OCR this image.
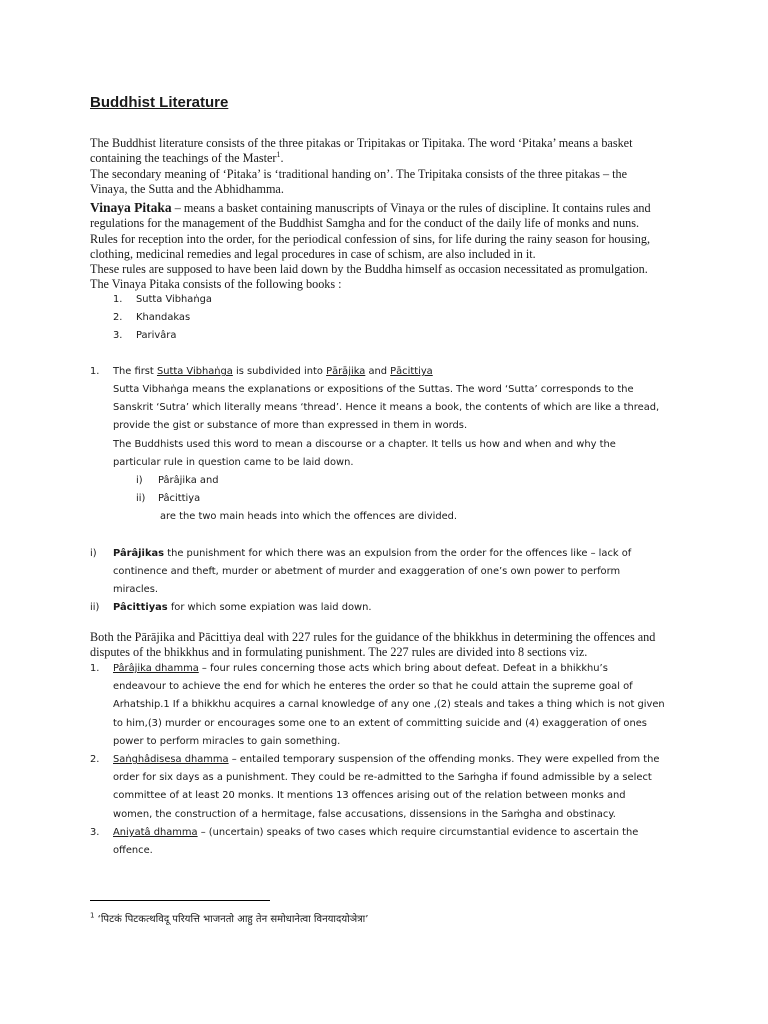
Buddhist Literature
The Buddhist literature consists of the three pitakas or Tripitakas or Tipitaka. The word ‘Pitaka’ means a basket
containing the teachings of the Master$^1$.
The secondary meaning of ‘Pitaka’ is ‘traditional handing on’. The Tripitaka consists of the three pitakas – the
Vinaya, the Sutta and the Abhidhamma.
Vinaya Pitaka – means a basket containing manuscripts of Vinaya or the rules of discipline. It contains rules and
regulations for the management of the Buddhist Samgha and for the conduct of the daily life of monks and nuns.
Rules for reception into the order, for the periodical confession of sins, for life during the rainy season for housing,
clothing, medicinal remedies and legal procedures in case of schism, are also included in it.
These rules are supposed to have been laid down by the Buddha himself as occasion necessitated as promulgation.
The Vinaya Pitaka consists of the following books :
1. Sutta Vibhaṅga
2. Khandakas
3. Parivâra
1. The first Sutta Vibhaṅga is subdivided into Pārājika and Pācittiya
Sutta Vibhaṅga means the explanations or expositions of the Suttas. The word ‘Sutta’ corresponds to the
Sanskrit ‘Sutra’ which literally means ‘thread’. Hence it means a book, the contents of which are like a thread,
provide the gist or substance of more than expressed in them in words.
The Buddhists used this word to mean a discourse or a chapter. It tells us how and when and why the
particular rule in question came to be laid down.
i) Pârâjika and
ii) Pâcittiya
are the two main heads into which the offences are divided.
i) Pârâjikas the punishment for which there was an expulsion from the order for the offences like – lack of
continence and theft, murder or abetment of murder and exaggeration of one’s own power to perform
miracles.
ii) Pâcittiyas for which some expiation was laid down.
Both the Pārājika and Pācittiya deal with 227 rules for the guidance of the bhikkhus in determining the offences and
disputes of the bhikkhus and in formulating punishment. The 227 rules are divided into 8 sections viz.
1. Pârâjika dhamma – four rules concerning those acts which bring about defeat. Defeat in a bhikkhu’s
endeavour to achieve the end for which he enteres the order so that he could attain the supreme goal of
Arhatship.1 If a bhikkhu acquires a carnal knowledge of any one ,(2) steals and takes a thing which is not given
to him,(3) murder or encourages some one to an extent of committing suicide and (4) exaggeration of ones
power to perform miracles to gain something.
2. Saṅghâdisesa dhamma – entailed temporary suspension of the offending monks. They were expelled from the
order for six days as a punishment. They could be re-admitted to the Saṁgha if found admissible by a select
committee of at least 20 monks. It mentions 13 offences arising out of the relation between monks and
women, the construction of a hermitage, false accusations, dissensions in the Saṁgha and obstinacy.
3. Aniyatâ dhamma – (uncertain) speaks of two cases which require circumstantial evidence to ascertain the
offence.
$^1$ ‘पिटकं पिटकत्थविदू परियत्ति भाजनतो आहु तेन समोधानेत्वा विनयादयोञेत्रा’
